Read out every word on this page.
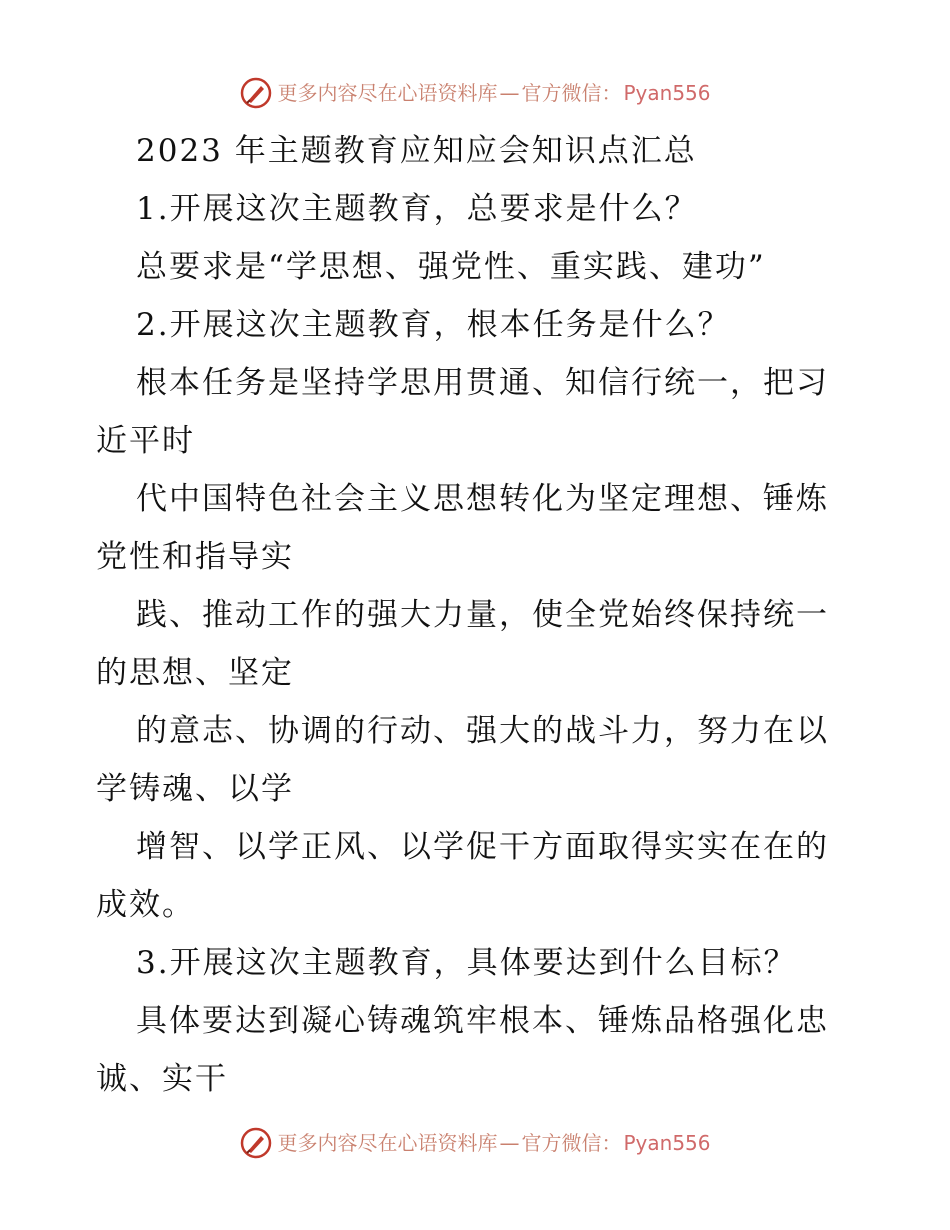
更多内容尽在心语资料库 — 官方微信： Pyan556
2023 年主题教育应知应会知识点汇总
1.开展这次主题教育，总要求是什么？
总要求是“学思想、强党性、重实践、建功”
2.开展这次主题教育，根本任务是什么？
根本任务是坚持学思用贯通、知信行统一，把习
近平时
代中国特色社会主义思想转化为坚定理想、锤炼
党性和指导实
践、推动工作的强大力量，使全党始终保持统一
的思想、坚定
的意志、协调的行动、强大的战斗力，努力在以
学铸魂、以学
增智、以学正风、以学促干方面取得实实在在的
成效。
3.开展这次主题教育，具体要达到什么目标？
具体要达到凝心铸魂筑牢根本、锤炼品格强化忠
诚、实干
更多内容尽在心语资料库 — 官方微信： Pyan556
